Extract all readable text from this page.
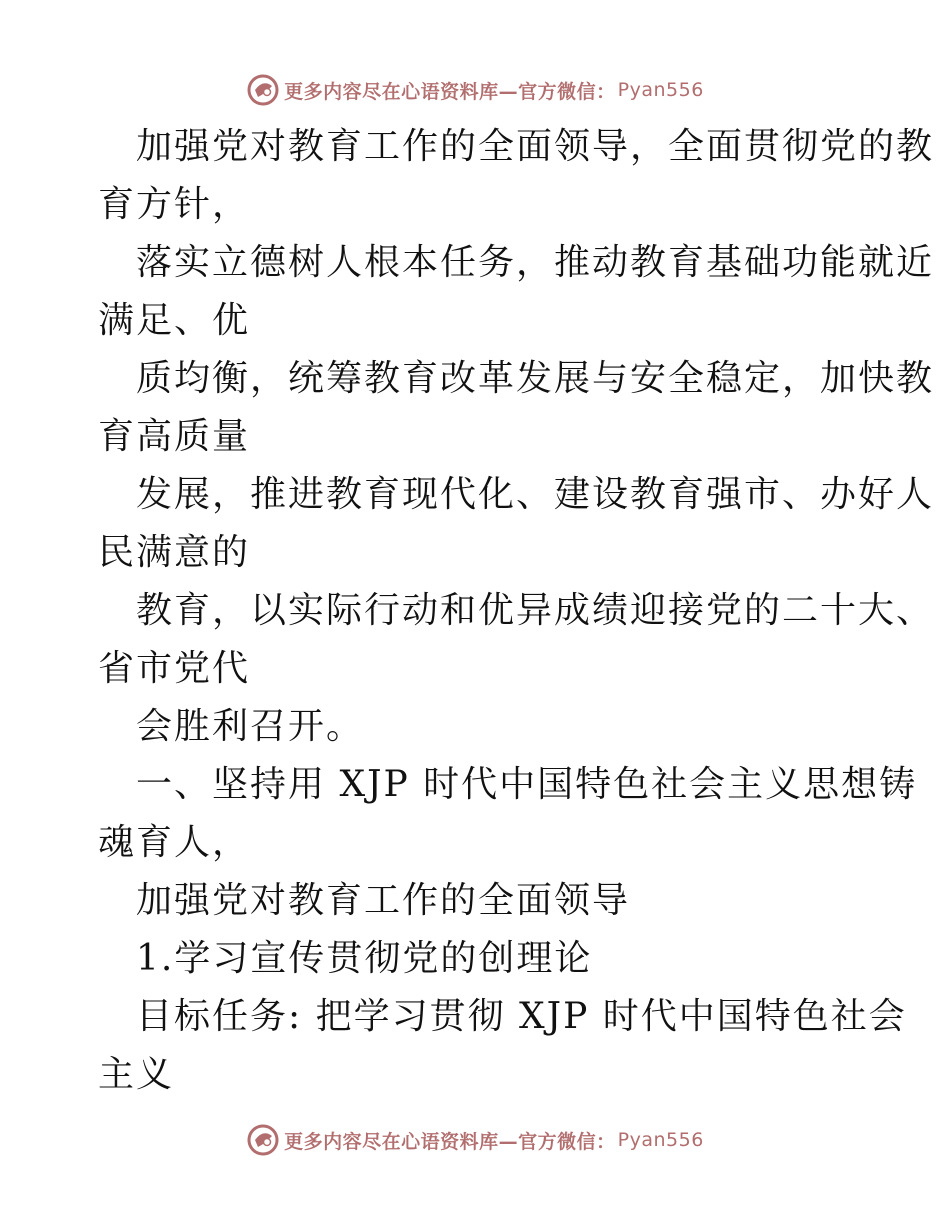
更多内容尽在心语资料库—官方微信： Pyan556
加强党对教育工作的全面领导，全面贯彻党的教
育方针，
落实立德树人根本任务，推动教育基础功能就近
满足、优
质均衡，统筹教育改革发展与安全稳定，加快教
育高质量
发展，推进教育现代化、建设教育强市、办好人
民满意的
教育，以实际行动和优异成绩迎接党的二十大、
省市党代
会胜利召开。
一、坚持用 XJP 时代中国特色社会主义思想铸
魂育人，
加强党对教育工作的全面领导
1.学习宣传贯彻党的创理论
目标任务: 把学习贯彻 XJP 时代中国特色社会
主义
更多内容尽在心语资料库—官方微信： Pyan556
